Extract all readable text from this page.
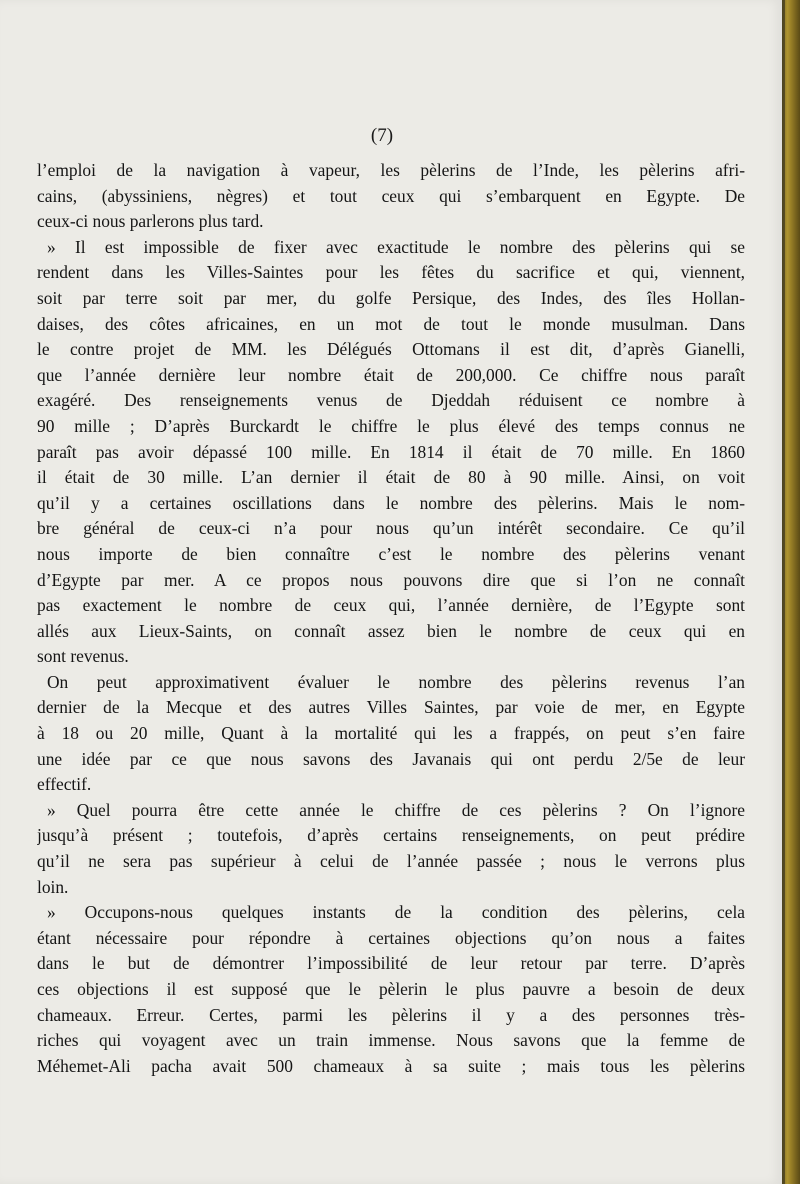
(7)
l’emploi de la navigation à vapeur, les pèlerins de l’Inde, les pèlerins afri-
cains, (abyssiniens, nègres) et tout ceux qui s’embarquent en Egypte. De
ceux-ci nous parlerons plus tard.
» Il est impossible de fixer avec exactitude le nombre des pèlerins qui se
rendent dans les Villes-Saintes pour les fêtes du sacrifice et qui, viennent,
soit par terre soit par mer, du golfe Persique, des Indes, des îles Hollan-
daises, des côtes africaines, en un mot de tout le monde musulman. Dans
le contre projet de MM. les Délégués Ottomans il est dit, d’après Gianelli,
que l’année dernière leur nombre était de 200,000. Ce chiffre nous paraît
exagéré. Des renseignements venus de Djeddah réduisent ce nombre à
90 mille ; D’après Burckardt le chiffre le plus élevé des temps connus ne
paraît pas avoir dépassé 100 mille. En 1814 il était de 70 mille. En 1860
il était de 30 mille. L’an dernier il était de 80 à 90 mille. Ainsi, on voit
qu’il y a certaines oscillations dans le nombre des pèlerins. Mais le nom-
bre général de ceux-ci n’a pour nous qu’un intérêt secondaire. Ce qu’il
nous importe de bien connaître c’est le nombre des pèlerins venant
d’Egypte par mer. A ce propos nous pouvons dire que si l’on ne connaît
pas exactement le nombre de ceux qui, l’année dernière, de l’Egypte sont
allés aux Lieux-Saints, on connaît assez bien le nombre de ceux qui en
sont revenus.
On peut approximativent évaluer le nombre des pèlerins revenus l’an
dernier de la Mecque et des autres Villes Saintes, par voie de mer, en Egypte
à 18 ou 20 mille, Quant à la mortalité qui les a frappés, on peut s’en faire
une idée par ce que nous savons des Javanais qui ont perdu 2/5e de leur
effectif.
» Quel pourra être cette année le chiffre de ces pèlerins ? On l’ignore
jusqu’à présent ; toutefois, d’après certains renseignements, on peut prédire
qu’il ne sera pas supérieur à celui de l’année passée ; nous le verrons plus
loin.
» Occupons-nous quelques instants de la condition des pèlerins, cela
étant nécessaire pour répondre à certaines objections qu’on nous a faites
dans le but de démontrer l’impossibilité de leur retour par terre. D’après
ces objections il est supposé que le pèlerin le plus pauvre a besoin de deux
chameaux. Erreur. Certes, parmi les pèlerins il y a des personnes très-
riches qui voyagent avec un train immense. Nous savons que la femme de
Méhemet-Ali pacha avait 500 chameaux à sa suite ; mais tous les pèlerins
